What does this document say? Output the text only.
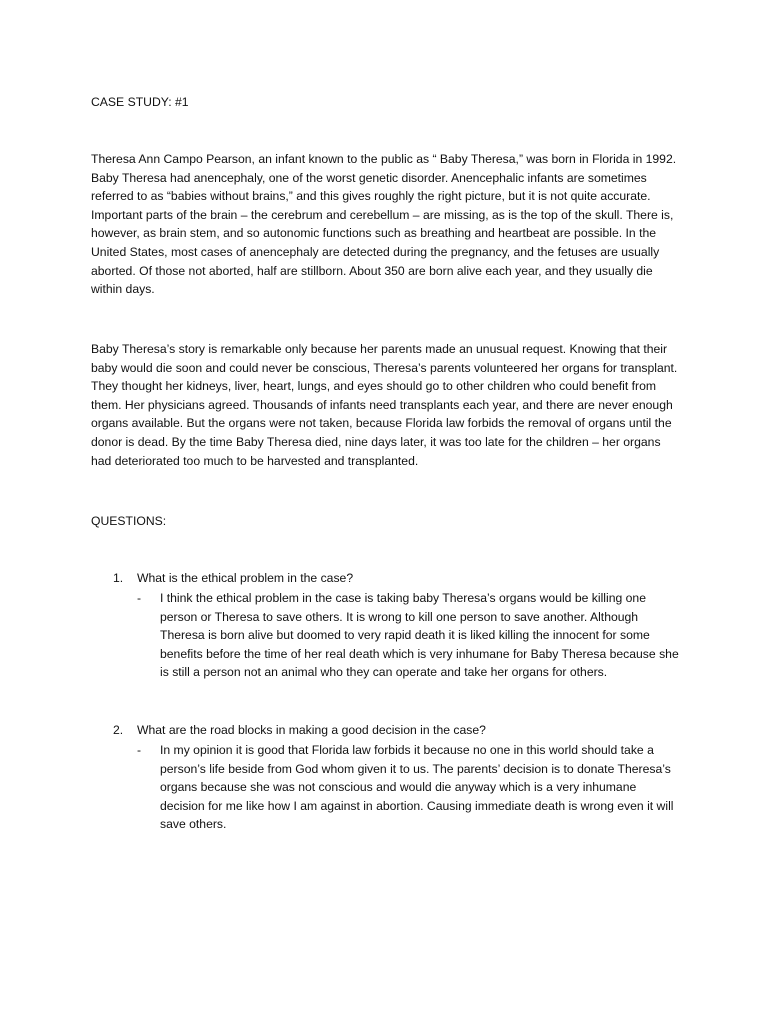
CASE STUDY: #1

Theresa Ann Campo Pearson, an infant known to the public as “ Baby Theresa,” was born in Florida in 1992. Baby Theresa had anencephaly, one of the worst genetic disorder. Anencephalic infants are sometimes referred to as “babies without brains,” and this gives roughly the right picture, but it is not quite accurate. Important parts of the brain – the cerebrum and cerebellum – are missing, as is the top of the skull. There is, however, as brain stem, and so autonomic functions such as breathing and heartbeat are possible. In the United States, most cases of anencephaly are detected during the pregnancy, and the fetuses are usually aborted. Of those not aborted, half are stillborn. About 350 are born alive each year, and they usually die within days.

Baby Theresa’s story is remarkable only because her parents made an unusual request. Knowing that their baby would die soon and could never be conscious, Theresa’s parents volunteered her organs for transplant. They thought her kidneys, liver, heart, lungs, and eyes should go to other children who could benefit from them. Her physicians agreed. Thousands of infants need transplants each year, and there are never enough organs available. But the organs were not taken, because Florida law forbids the removal of organs until the donor is dead. By the time Baby Theresa died, nine days later, it was too late for the children – her organs had deteriorated too much to be harvested and transplanted.

QUESTIONS:

1. What is the ethical problem in the case?
- I think the ethical problem in the case is taking baby Theresa’s organs would be killing one person or Theresa to save others. It is wrong to kill one person to save another. Although Theresa is born alive but doomed to very rapid death it is liked killing the innocent for some benefits before the time of her real death which is very inhumane for Baby Theresa because she is still a person not an animal who they can operate and take her organs for others.
2. What are the road blocks in making a good decision in the case?
- In my opinion it is good that Florida law forbids it because no one in this world should take a person’s life beside from God whom given it to us. The parents’ decision is to donate Theresa’s organs because she was not conscious and would die anyway which is a very inhumane decision for me like how I am against in abortion. Causing immediate death is wrong even it will save others.
